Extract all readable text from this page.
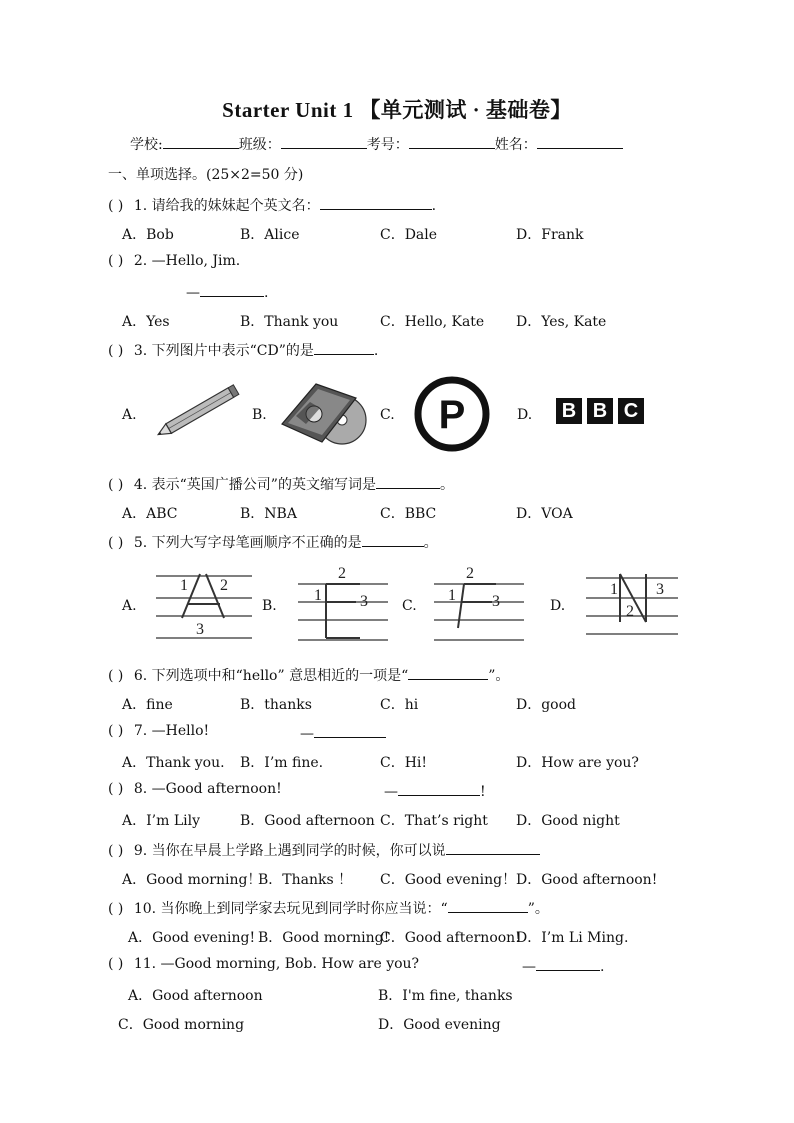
Starter Unit 1 【单元测试 · 基础卷】
学校:	班级：	考号：	姓名：
一、单项选择。(25×2=50 分)
( ) 1. 请给我的妹妹起个英文名：	.
A．Bob	B．Alice	C．Dale	D．Frank
( ) 2. —Hello, Jim.
—	.
A．Yes	B．Thank you	C．Hello, Kate D．Yes, Kate
( ) 3. 下列图片中表示“CD”的是	.
A.	B.	C. P	D. B B C
( ) 4. 表示“英国广播公司”的英文缩写词是	。
A．ABC	B．NBA	C．BBC	D．VOA
( ) 5. 下列大写字母笔画顺序不正确的是	。
A.
1 2
3
B.
2
1 3 C.
2
1 3	D.
1
2
3
( ) 6. 下列选项中和“hello” 意思相近的一项是“	”。
A．fine	B．thanks	C．hi	D．good
( ) 7. —Hello!	—
A．Thank you. B．I’m fine.	C．Hi!	D．How are you?
( ) 8. —Good afternoon!	—	!
A．I’m Lily	B．Good afternoon C．That’s right D．Good night
( ) 9. 当你在早晨上学路上遇到同学的时候，你可以说
A．Good morning！
B．Thanks ！ C．Good evening！ D．Good afternoon!
( ) 10. 当你晚上到同学家去玩见到同学时你应当说：“	”。
A．Good evening! B．Good morning!
C．Good afternoon!
D．I’m Li Ming.
( ) 11. —Good morning, Bob. How are you?	—	.
A．Good afternoon	B．I'm fine, thanks
C．Good morning	D．Good evening
